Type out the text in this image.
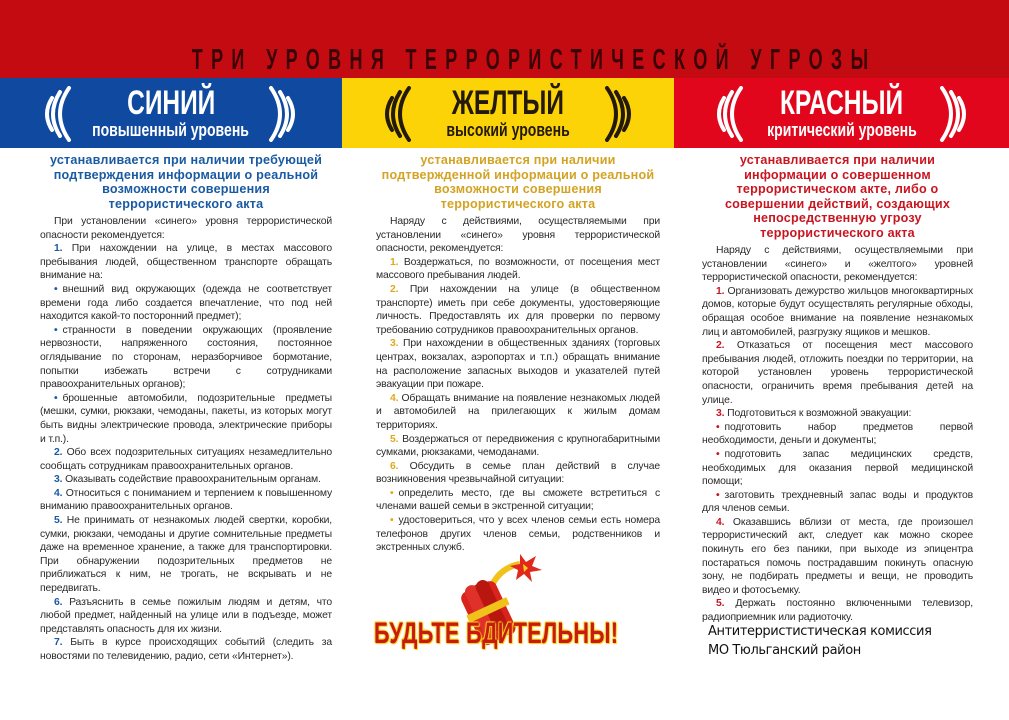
ТРИ УРОВНЯ ТЕРРОРИСТИЧЕСКОЙ УГРОЗЫ
СИНИЙ
повышенный уровень
ЖЕЛТЫЙ
высокий уровень
КРАСНЫЙ
критический уровень
устанавливается при наличии требующей подтверждения информации о реальной возможности совершения террористического акта

При установлении «синего» уровня террористической опасности рекомендуется:

1. При нахождении на улице, в местах массового пребывания людей, общественном транспорте обращать внимание на:

• внешний вид окружающих (одежда не соответствует времени года либо создается впечатление, что под ней находится какой-то посторонний предмет);

• странности в поведении окружающих (проявление нервозности, напряженного состояния, постоянное оглядывание по сторонам, неразборчивое бормотание, попытки избежать встречи с сотрудниками правоохранительных органов);

• брошенные автомобили, подозрительные предметы (мешки, сумки, рюкзаки, чемоданы, пакеты, из которых могут быть видны электрические провода, электрические приборы и т.п.).

2. Обо всех подозрительных ситуациях незамедлительно сообщать сотрудникам правоохранительных органов.

3. Оказывать содействие правоохранительным органам.

4. Относиться с пониманием и терпением к повышенному вниманию правоохранительных органов.

5. Не принимать от незнакомых людей свертки, коробки, сумки, рюкзаки, чемоданы и другие сомнительные предметы даже на временное хранение, а также для транспортировки. При обнаружении подозрительных предметов не приближаться к ним, не трогать, не вскрывать и не передвигать.

6. Разъяснить в семье пожилым людям и детям, что любой предмет, найденный на улице или в подъезде, может представлять опасность для их жизни.

7. Быть в курсе происходящих событий (следить за новостями по телевидению, радио, сети «Интернет»).

устанавливается при наличии подтвержденной информации о реальной возможности совершения террористического акта

Наряду с действиями, осуществляемыми при установлении «синего» уровня террористической опасности, рекомендуется:

1. Воздержаться, по возможности, от посещения мест массового пребывания людей.

2. При нахождении на улице (в общественном транспорте) иметь при себе документы, удостоверяющие личность. Предоставлять их для проверки по первому требованию сотрудников правоохранительных органов.

3. При нахождении в общественных зданиях (торговых центрах, вокзалах, аэропортах и т.п.) обращать внимание на расположение запасных выходов и указателей путей эвакуации при пожаре.

4. Обращать внимание на появление незнакомых людей и автомобилей на прилегающих к жилым домам территориях.

5. Воздержаться от передвижения с крупногабаритными сумками, рюкзаками, чемоданами.

6. Обсудить в семье план действий в случае возникновения чрезвычайной ситуации:

• определить место, где вы сможете встретиться с членами вашей семьи в экстренной ситуации;

• удостовериться, что у всех членов семьи есть номера телефонов других членов семьи, родственников и экстренных служб.

устанавливается при наличии информации о совершенном террористическом акте, либо о совершении действий, создающих непосредственную угрозу террористического акта

Наряду с действиями, осуществляемыми при установлении «синего» и «желтого» уровней террористической опасности, рекомендуется:

1. Организовать дежурство жильцов многоквартирных домов, которые будут осуществлять регулярные обходы, обращая особое внимание на появление незнакомых лиц и автомобилей, разгрузку ящиков и мешков.

2. Отказаться от посещения мест массового пребывания людей, отложить поездки по территории, на которой установлен уровень террористической опасности, ограничить время пребывания детей на улице.

3. Подготовиться к возможной эвакуации:

• подготовить набор предметов первой необходимости, деньги и документы;

• подготовить запас медицинских средств, необходимых для оказания первой медицинской помощи;

• заготовить трехдневный запас воды и продуктов для членов семьи.

4. Оказавшись вблизи от места, где произошел террористический акт, следует как можно скорее покинуть его без паники, при выходе из эпицентра постараться помочь пострадавшим покинуть опасную зону, не подбирать предметы и вещи, не проводить видео и фотосъемку.

5. Держать постоянно включенными телевизор, радиоприемник или радиоточку.

БУДЬТЕ БДИТЕЛЬНЫ!	Антитерристистическая комиссия
МО Тюльганский район
